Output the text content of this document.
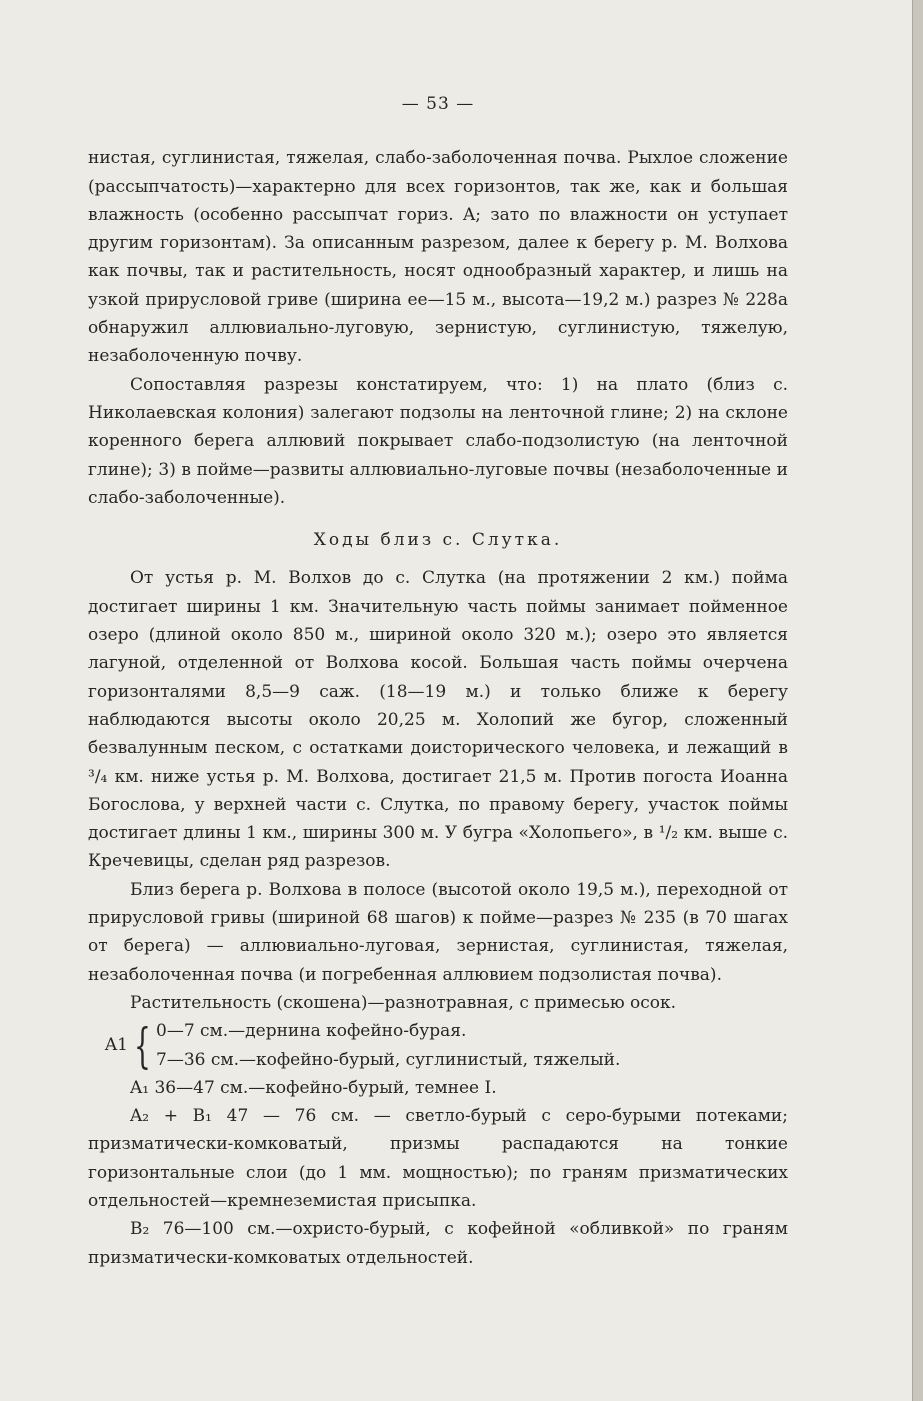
— 53 —

нистая, суглинистая, тяжелая, слабо-заболоченная почва. Рыхлое сложение (рассыпчатость)—характерно для всех горизонтов, так же, как и большая влажность (особенно рассыпчат гориз. A; зато по влажности он уступает другим горизонтам). За описанным разрезом, далее к берегу р. М. Волхова как почвы, так и растительность, носят однообразный характер, и лишь на узкой прирусловой гриве (ширина ее—15 м., высота—19,2 м.) разрез № 228а обнаружил аллювиально-луговую, зернистую, суглинистую, тяжелую, незаболоченную почву.

Сопоставляя разрезы констатируем, что: 1) на плато (близ с. Николаевская колония) залегают подзолы на ленточной глине; 2) на склоне коренного берега аллювий покрывает слабо-подзолистую (на ленточной глине); 3) в пойме—развиты аллювиально-луговые почвы (незаболоченные и слабо-заболоченные).

Ходы близ с. Слутка.

От устья р. М. Волхов до с. Слутка (на протяжении 2 км.) пойма достигает ширины 1 км. Значительную часть поймы занимает пойменное озеро (длиной около 850 м., шириной около 320 м.); озеро это является лагуной, отделенной от Волхова косой. Большая часть поймы очерчена горизонталями 8,5—9 саж. (18—19 м.) и только ближе к берегу наблюдаются высоты около 20,25 м. Холопий же бугор, сложенный безвалунным песком, с остатками доисторического человека, и лежащий в ³/₄ км. ниже устья р. М. Волхова, достигает 21,5 м. Против погоста Иоанна Богослова, у верхней части с. Слутка, по правому берегу, участок поймы достигает длины 1 км., ширины 300 м. У бугра «Холопьего», в ¹/₂ км. выше с. Кречевицы, сделан ряд разрезов.

Близ берега р. Волхова в полосе (высотой около 19,5 м.), переходной от прирусловой гривы (шириной 68 шагов) к пойме—разрез № 235 (в 70 шагах от берега) — аллювиально-луговая, зернистая, суглинистая, тяжелая, незаболоченная почва (и погребенная аллювием подзолистая почва).

Растительность (скошена)—разнотравная, с примесью осок.

A1 { 0—7 см.—дернина кофейно-бурая.
7—36 см.—кофейно-бурый, суглинистый, тяжелый.

A₁ 36—47 см.—кофейно-бурый, темнее I.

A₂ + B₁ 47 — 76 см. — светло-бурый с серо-бурыми потеками; призматически-комковатый, призмы распадаются на тонкие горизонтальные слои (до 1 мм. мощностью); по граням призматических отдельностей—кремнеземистая присыпка.

B₂ 76—100 см.—охристо-бурый, с кофейной «обливкой» по граням призматически-комковатых отдельностей.
